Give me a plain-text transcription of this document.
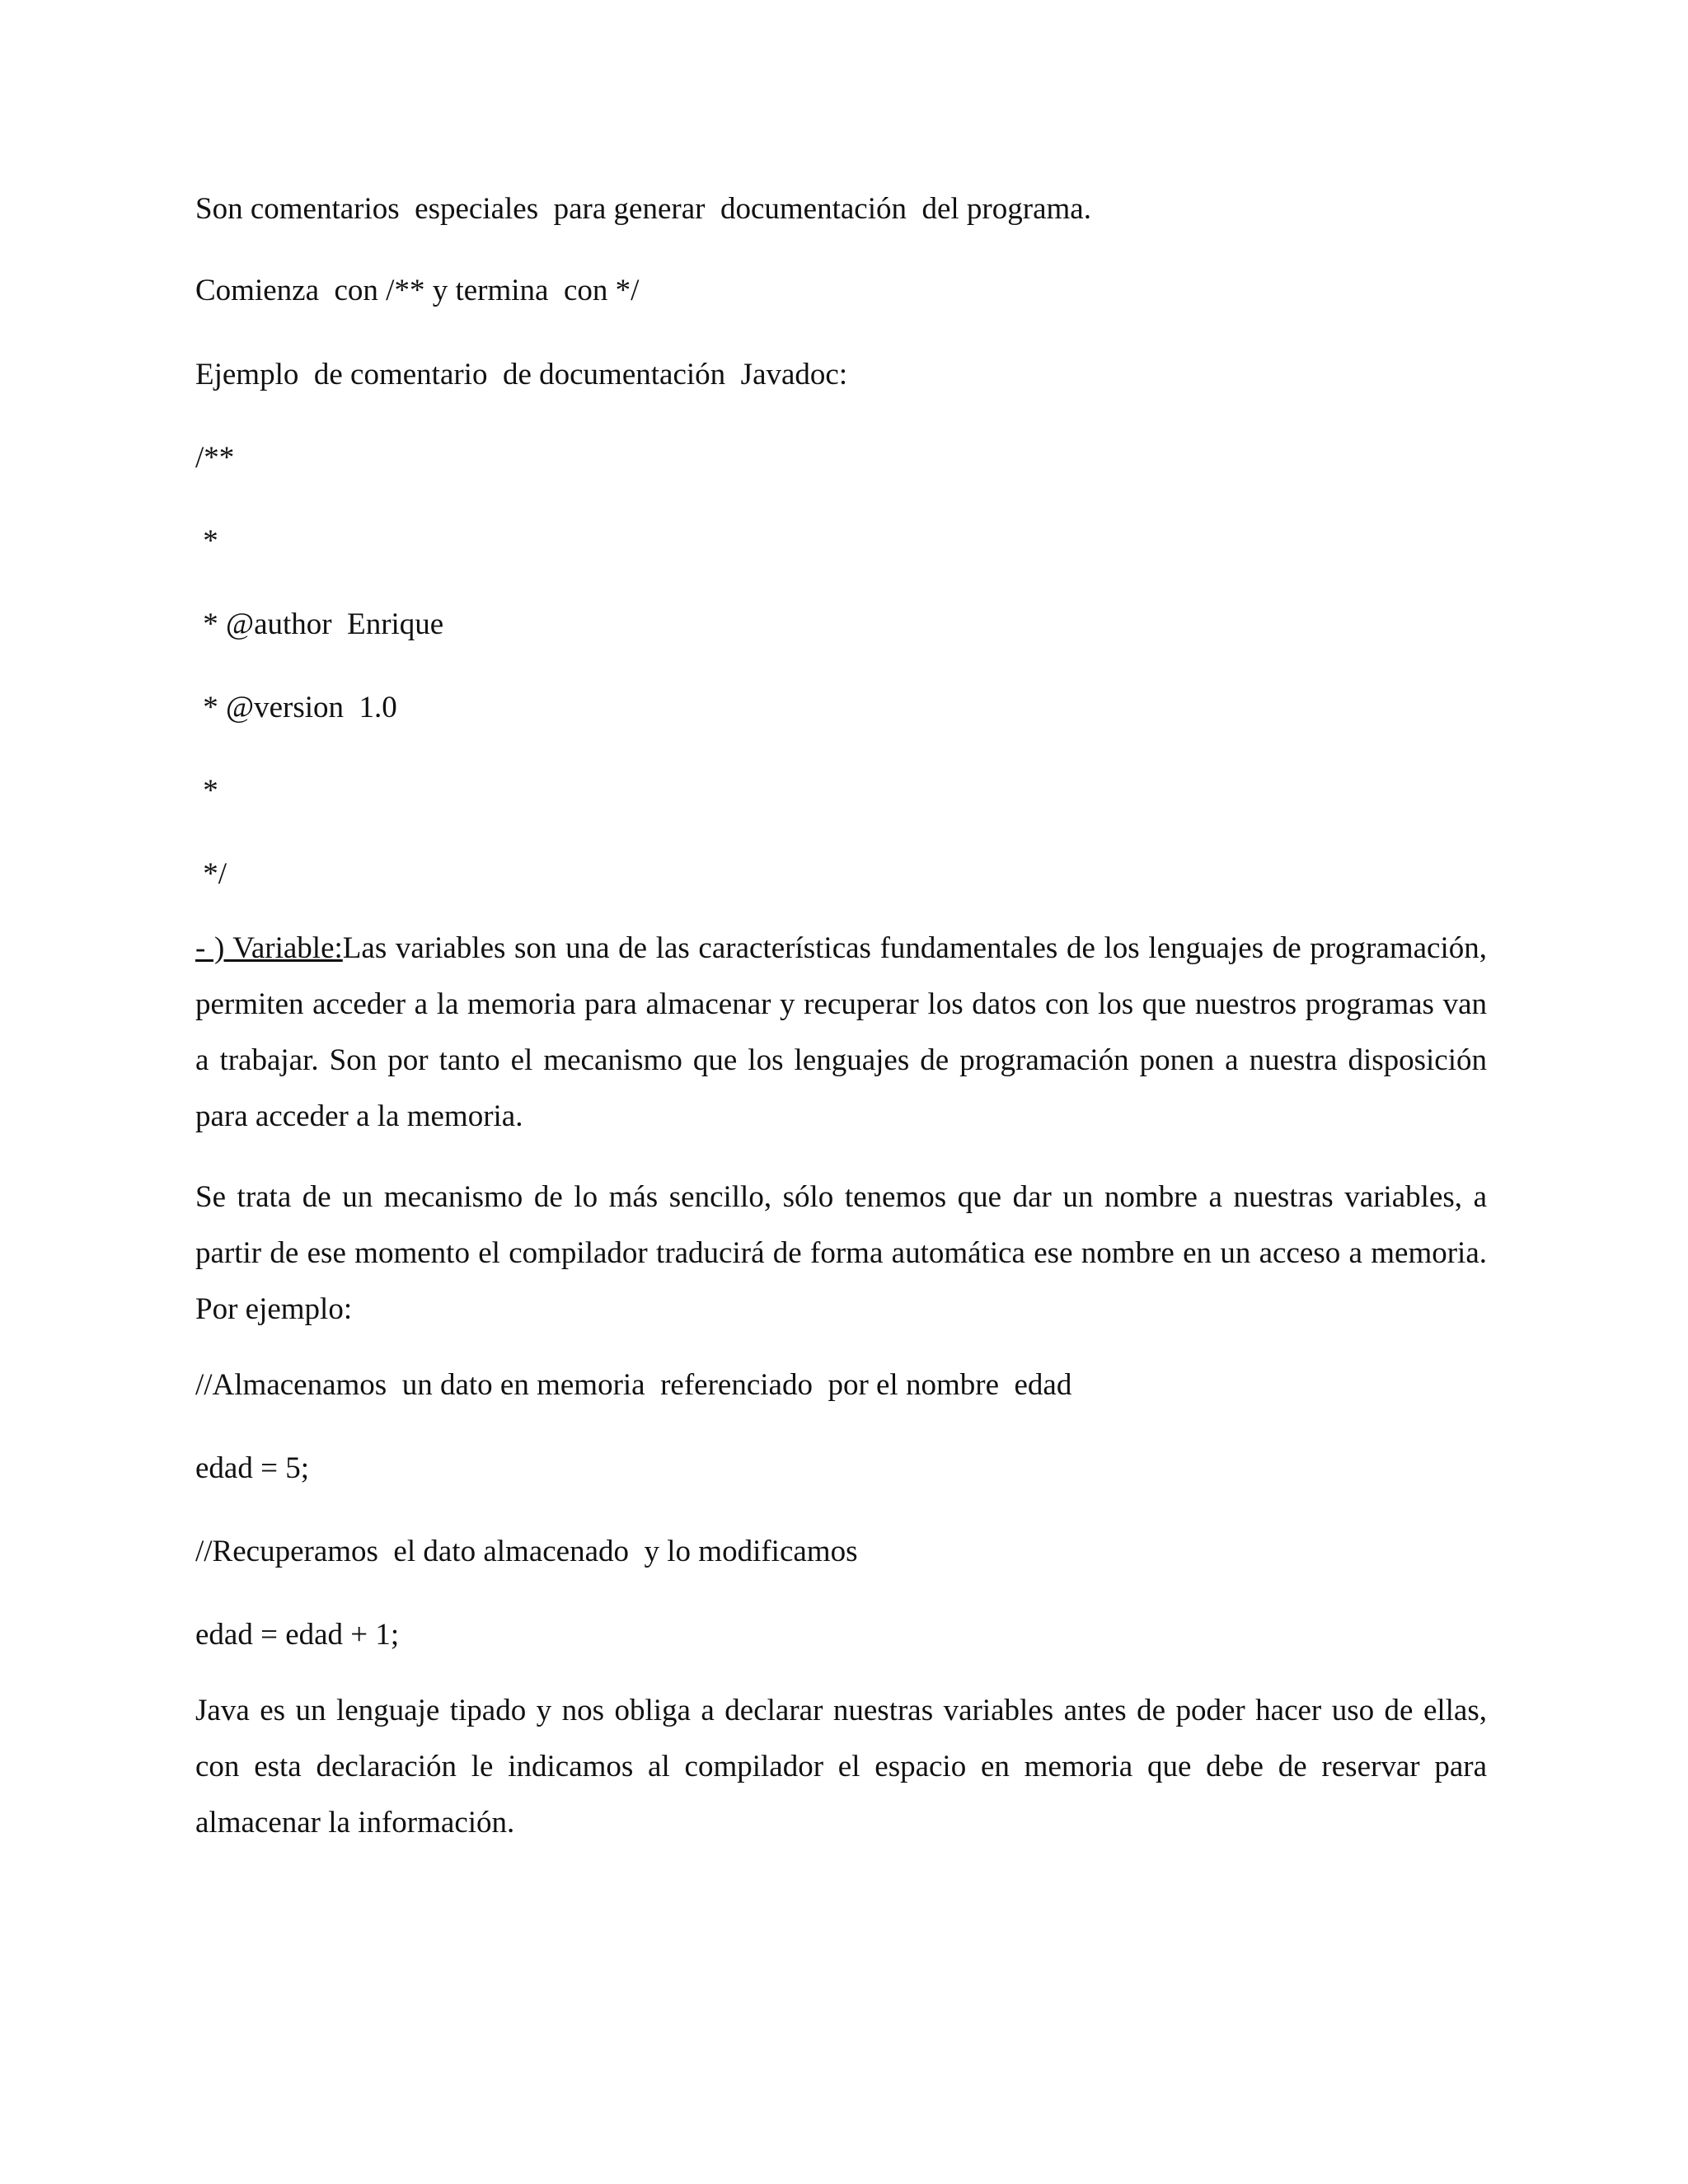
Son comentarios  especiales  para generar  documentación  del programa.

Comienza  con /** y termina  con */

Ejemplo  de comentario  de documentación  Javadoc:

/**

*

* @author  Enrique

* @version  1.0

*

*/

- ) Variable:Las variables son una de las características fundamentales de los lenguajes de programación, permiten acceder a la memoria para almacenar y recuperar los datos con los que nuestros programas van a trabajar. Son por tanto el mecanismo que los lenguajes de programación ponen a nuestra disposición para acceder a la memoria.

Se trata de un mecanismo de lo más sencillo, sólo tenemos que dar un nombre a nuestras variables, a partir de ese momento el compilador traducirá de forma automática ese nombre en un acceso a memoria. Por ejemplo:

//Almacenamos  un dato en memoria  referenciado  por el nombre  edad

edad = 5;

//Recuperamos  el dato almacenado  y lo modificamos

edad = edad + 1;

Java es un lenguaje tipado y nos obliga a declarar nuestras variables antes de poder hacer uso de ellas, con esta declaración le indicamos al compilador el espacio en memoria que debe de reservar para almacenar la información.
